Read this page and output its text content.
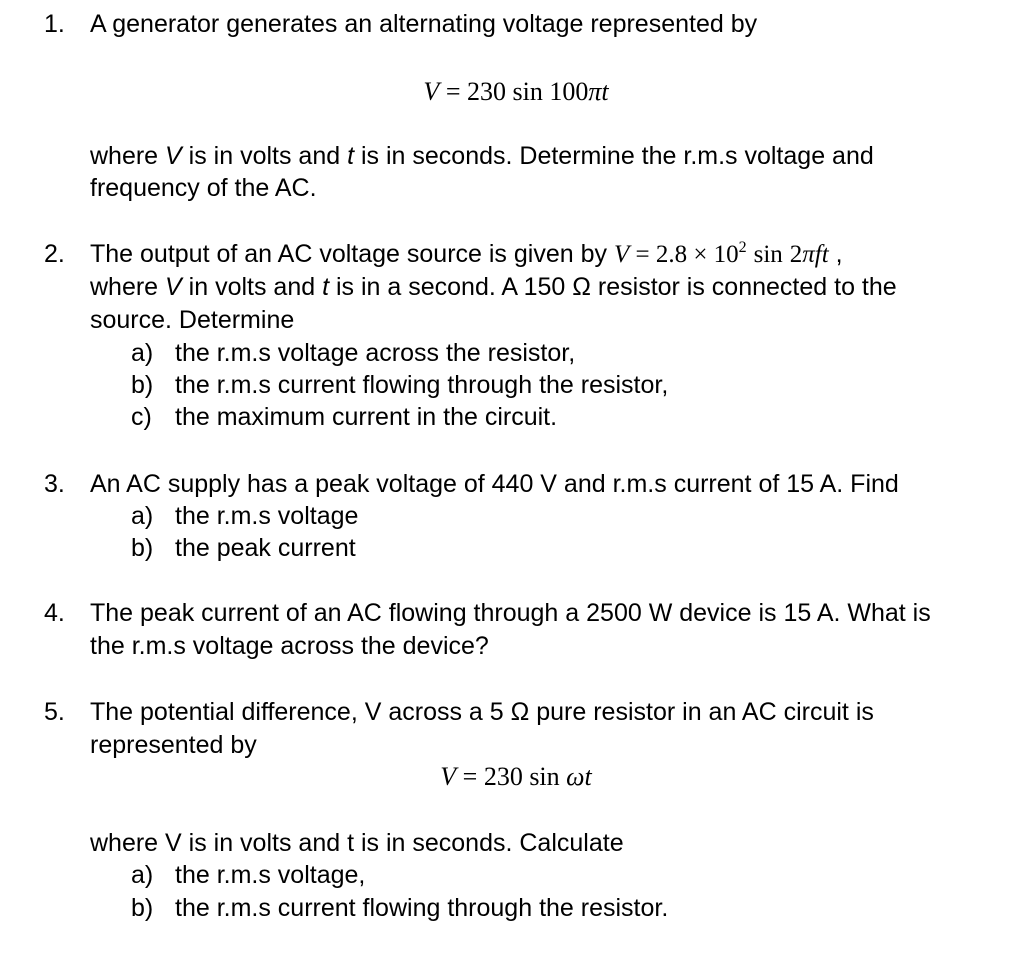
1. A generator generates an alternating voltage represented by
V = 230 sin 100πt
where V is in volts and t is in seconds. Determine the r.m.s voltage and
frequency of the AC.
2. The output of an AC voltage source is given by $V = 2.8 \times 10^2$ sin 2πft ,
where V in volts and t is in a second. A 150 Ω resistor is connected to the
source. Determine
a) the r.m.s voltage across the resistor,
b) the r.m.s current flowing through the resistor,
c) the maximum current in the circuit.
3. An AC supply has a peak voltage of 440 V and r.m.s current of 15 A. Find
a) the r.m.s voltage
b) the peak current
4. The peak current of an AC flowing through a 2500 W device is 15 A. What is
the r.m.s voltage across the device?
5. The potential difference, V across a 5 Ω pure resistor in an AC circuit is
represented by
V = 230 sin ωt
where V is in volts and t is in seconds. Calculate
a) the r.m.s voltage,
b) the r.m.s current flowing through the resistor.
